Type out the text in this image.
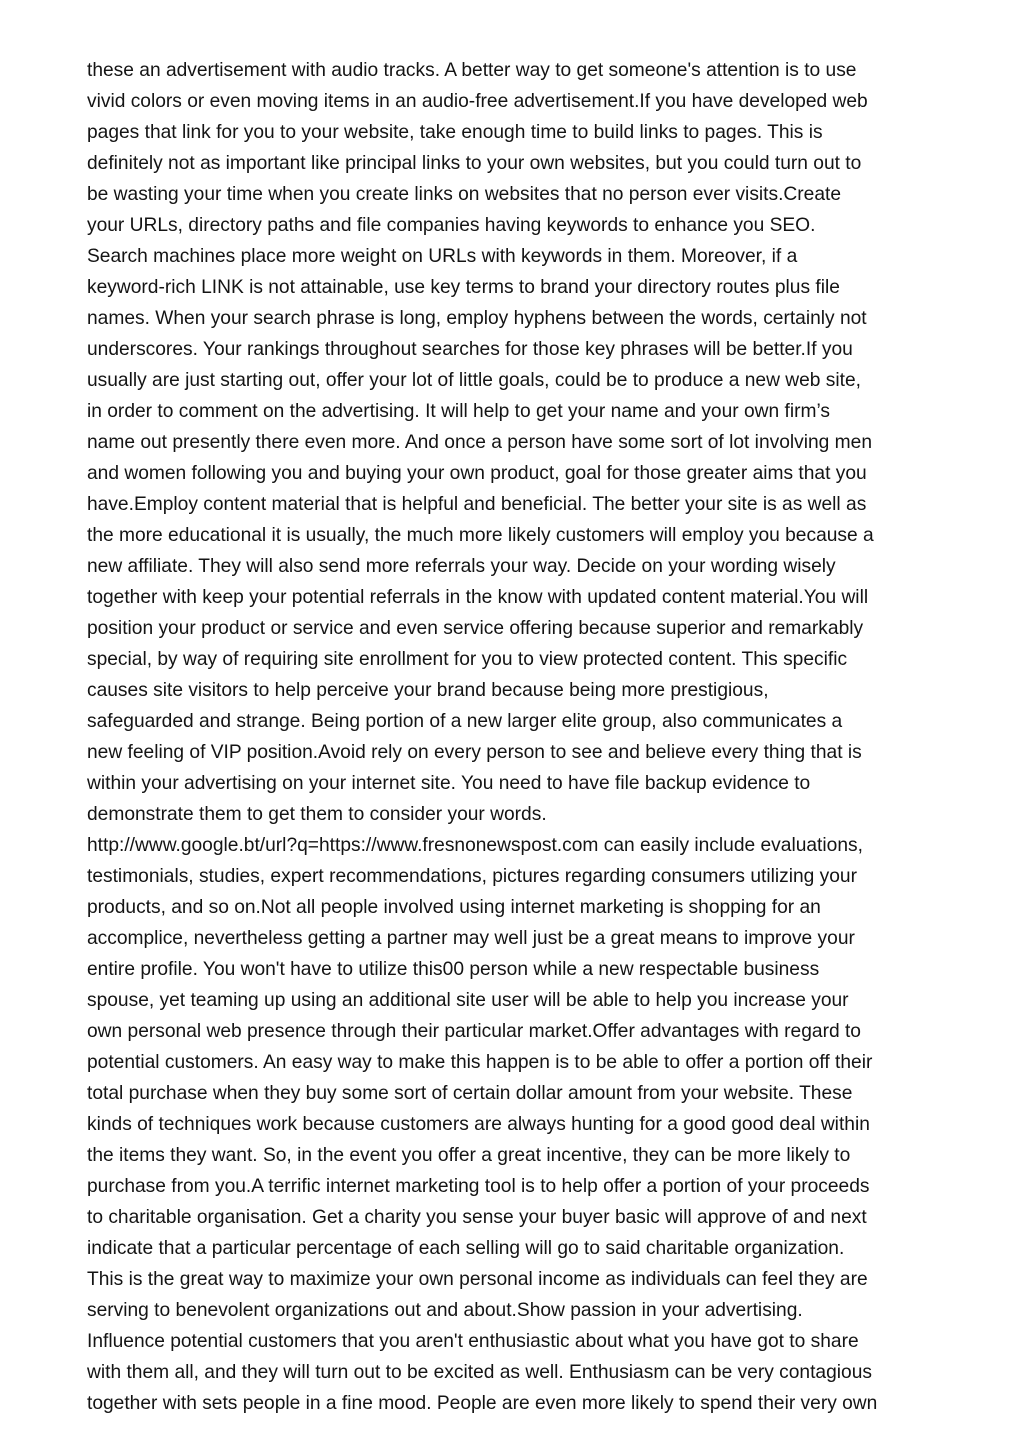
these an advertisement with audio tracks. A better way to get someone's attention is to use
vivid colors or even moving items in an audio-free advertisement.If you have developed web
pages that link for you to your website, take enough time to build links to pages. This is
definitely not as important like principal links to your own websites, but you could turn out to
be wasting your time when you create links on websites that no person ever visits.Create
your URLs, directory paths and file companies having keywords to enhance you SEO.
Search machines place more weight on URLs with keywords in them. Moreover, if a
keyword-rich LINK is not attainable, use key terms to brand your directory routes plus file
names. When your search phrase is long, employ hyphens between the words, certainly not
underscores. Your rankings throughout searches for those key phrases will be better.If you
usually are just starting out, offer your lot of little goals, could be to produce a new web site,
in order to comment on the advertising. It will help to get your name and your own firm’s
name out presently there even more. And once a person have some sort of lot involving men
and women following you and buying your own product, goal for those greater aims that you
have.Employ content material that is helpful and beneficial. The better your site is as well as
the more educational it is usually, the much more likely customers will employ you because a
new affiliate. They will also send more referrals your way. Decide on your wording wisely
together with keep your potential referrals in the know with updated content material.You will
position your product or service and even service offering because superior and remarkably
special, by way of requiring site enrollment for you to view protected content. This specific
causes site visitors to help perceive your brand because being more prestigious,
safeguarded and strange. Being portion of a new larger elite group, also communicates a
new feeling of VIP position.Avoid rely on every person to see and believe every thing that is
within your advertising on your internet site. You need to have file backup evidence to
demonstrate them to get them to consider your words.
http://www.google.bt/url?q=https://www.fresnonewspost.com can easily include evaluations,
testimonials, studies, expert recommendations, pictures regarding consumers utilizing your
products, and so on.Not all people involved using internet marketing is shopping for an
accomplice, nevertheless getting a partner may well just be a great means to improve your
entire profile. You won't have to utilize this00 person while a new respectable business
spouse, yet teaming up using an additional site user will be able to help you increase your
own personal web presence through their particular market.Offer advantages with regard to
potential customers. An easy way to make this happen is to be able to offer a portion off their
total purchase when they buy some sort of certain dollar amount from your website. These
kinds of techniques work because customers are always hunting for a good good deal within
the items they want. So, in the event you offer a great incentive, they can be more likely to
purchase from you.A terrific internet marketing tool is to help offer a portion of your proceeds
to charitable organisation. Get a charity you sense your buyer basic will approve of and next
indicate that a particular percentage of each selling will go to said charitable organization.
This is the great way to maximize your own personal income as individuals can feel they are
serving to benevolent organizations out and about.Show passion in your advertising.
Influence potential customers that you aren't enthusiastic about what you have got to share
with them all, and they will turn out to be excited as well. Enthusiasm can be very contagious
together with sets people in a fine mood. People are even more likely to spend their very own
